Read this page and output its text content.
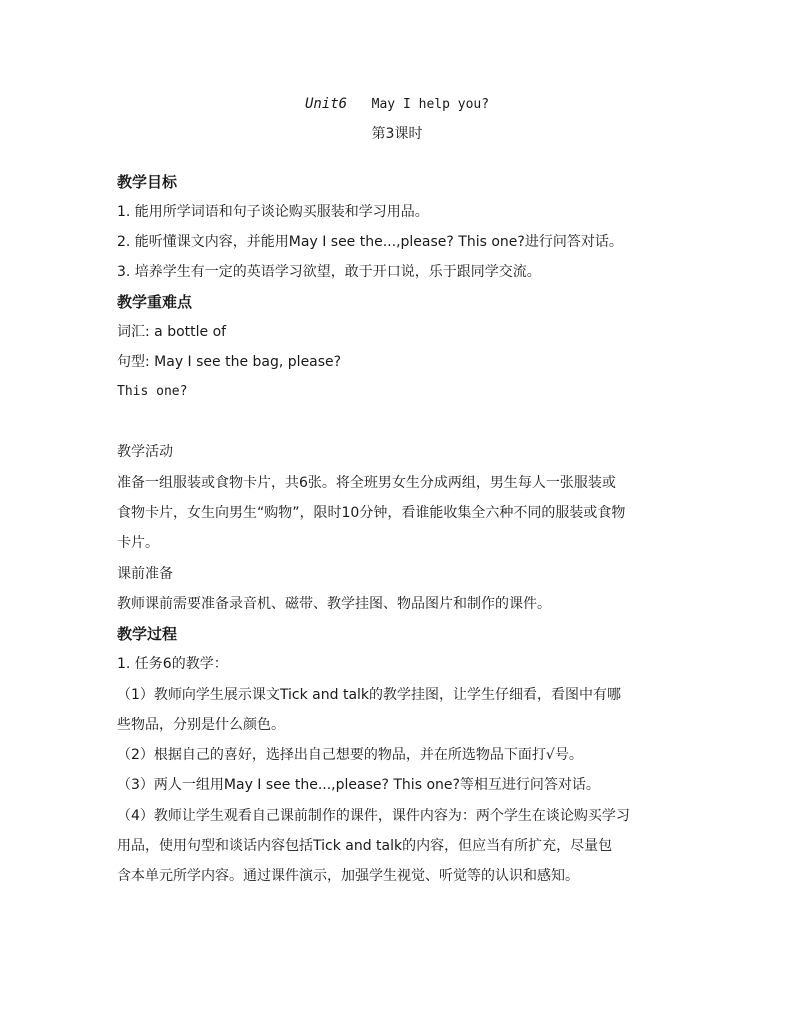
Unit6 May I help you?
第3课时
教学目标
1. 能用所学词语和句子谈论购买服装和学习用品。
2. 能听懂课文内容，并能用May I see the...,please? This one?进行问答对话。
3. 培养学生有一定的英语学习欲望，敢于开口说，乐于跟同学交流。
教学重难点
词汇: a bottle of
句型: May I see the bag, please?
This one?
教学活动
准备一组服装或食物卡片，共6张。将全班男女生分成两组，男生每人一张服装或
食物卡片，女生向男生“购物”，限时10分钟，看谁能收集全六种不同的服装或食物
卡片。
课前准备
教师课前需要准备录音机、磁带、教学挂图、物品图片和制作的课件。
教学过程
1. 任务6的教学：
（1）教师向学生展示课文Tick and talk的教学挂图，让学生仔细看，看图中有哪
些物品，分别是什么颜色。
（2）根据自己的喜好，选择出自己想要的物品，并在所选物品下面打√号。
（3）两人一组用May I see the...,please? This one?等相互进行问答对话。
（4）教师让学生观看自己课前制作的课件，课件内容为：两个学生在谈论购买学习
用品，使用句型和谈话内容包括Tick and talk的内容，但应当有所扩充，尽量包
含本单元所学内容。通过课件演示，加强学生视觉、听觉等的认识和感知。
